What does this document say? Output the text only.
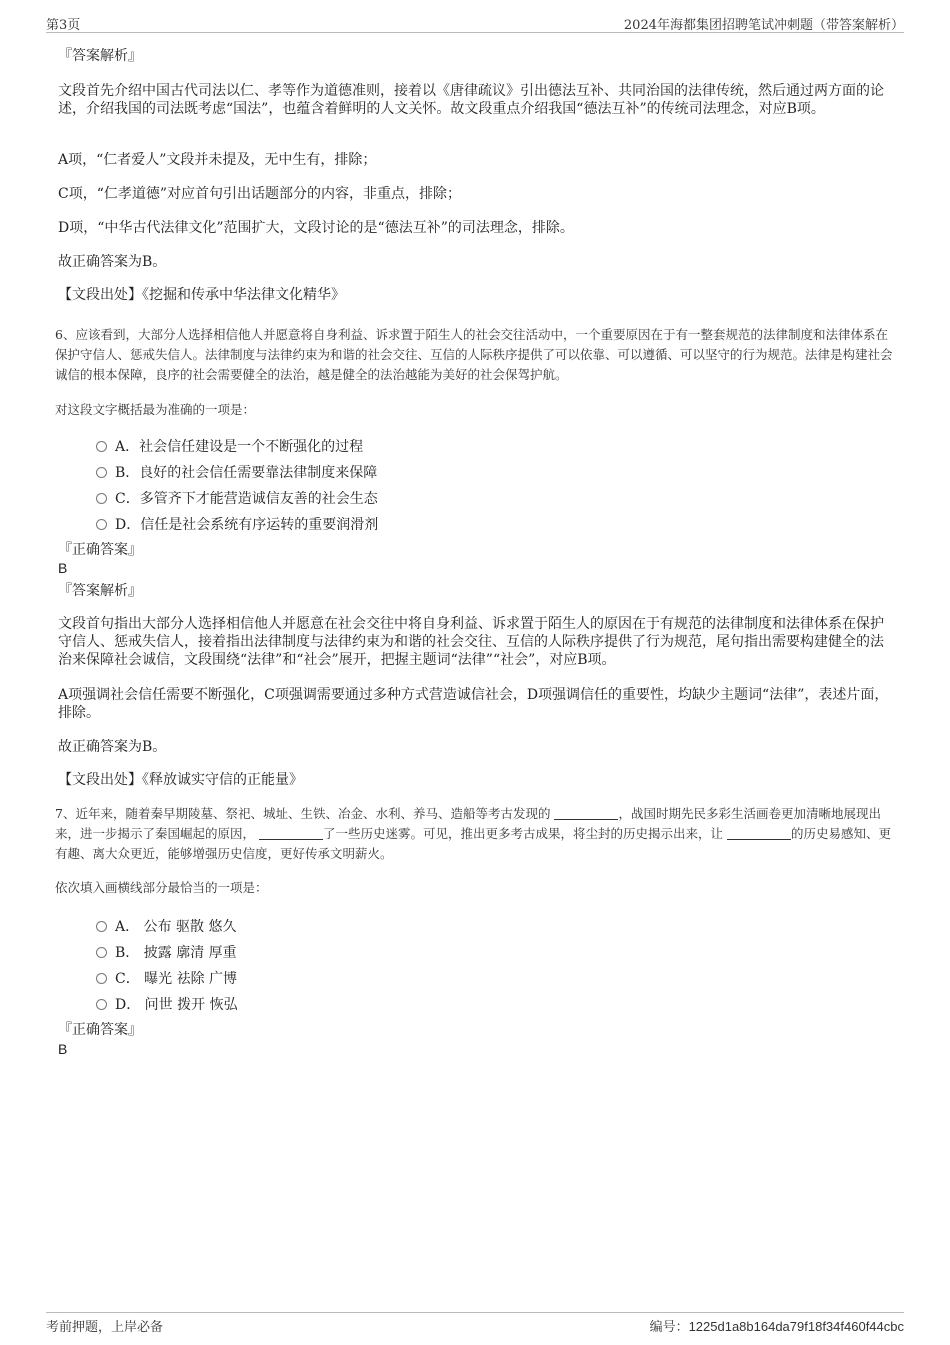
第3页	2024年海都集团招聘笔试冲刺题（带答案解析）
『答案解析』
文段首先介绍中国古代司法以仁、孝等作为道德准则，接着以《唐律疏议》引出德法互补、共同治国的法律传统，然后通过两方面的论述，介绍我国的司法既考虑“国法”，也蕴含着鲜明的人文关怀。故文段重点介绍我国“德法互补”的传统司法理念，对应B项。
A项，“仁者爱人”文段并未提及，无中生有，排除；
C项，“仁孝道德”对应首句引出话题部分的内容，非重点，排除；
D项，“中华古代法律文化”范围扩大，文段讨论的是“德法互补”的司法理念，排除。
故正确答案为B。
【文段出处】《挖掘和传承中华法律文化精华》
6、应该看到，大部分人选择相信他人并愿意将自身利益、诉求置于陌生人的社会交往活动中，一个重要原因在于有一整套规范的法律制度和法律体系在保护守信人、惩戒失信人。法律制度与法律约束为和谐的社会交往、互信的人际秩序提供了可以依靠、可以遵循、可以坚守的行为规范。法律是构建社会诚信的根本保障，良序的社会需要健全的法治，越是健全的法治越能为美好的社会保驾护航。
对这段文字概括最为准确的一项是：
A．社会信任建设是一个不断强化的过程
B．良好的社会信任需要靠法律制度来保障
C．多管齐下才能营造诚信友善的社会生态
D．信任是社会系统有序运转的重要润滑剂
『正确答案』
B
『答案解析』
文段首句指出大部分人选择相信他人并愿意在社会交往中将自身利益、诉求置于陌生人的原因在于有规范的法律制度和法律体系在保护守信人、惩戒失信人，接着指出法律制度与法律约束为和谐的社会交往、互信的人际秩序提供了行为规范，尾句指出需要构建健全的法治来保障社会诚信，文段围绕“法律”和“社会”展开，把握主题词“法律”“社会”，对应B项。
A项强调社会信任需要不断强化，C项强调需要通过多种方式营造诚信社会，D项强调信任的重要性，均缺少主题词“法律”，表述片面，排除。
故正确答案为B。
【文段出处】《释放诚实守信的正能量》
7、近年来，随着秦早期陵墓、祭祀、城址、生铁、冶金、水利、养马、造船等考古发现的	，战国时期先民多彩生活画卷更加清晰地展现出来，进一步揭示了秦国崛起的原因，	了一些历史迷雾。可见，推出更多考古成果，将尘封的历史揭示出来，让	的历史易感知、更有趣、离大众更近，能够增强历史信度，更好传承文明薪火。
依次填入画横线部分最恰当的一项是：
A． 公布 驱散 悠久
B． 披露 廓清 厚重
C． 曝光 祛除 广博
D． 问世 拨开 恢弘
『正确答案』
B
考前押题，上岸必备	编号：1225d1a8b164da79f18f34f460f44cbc
